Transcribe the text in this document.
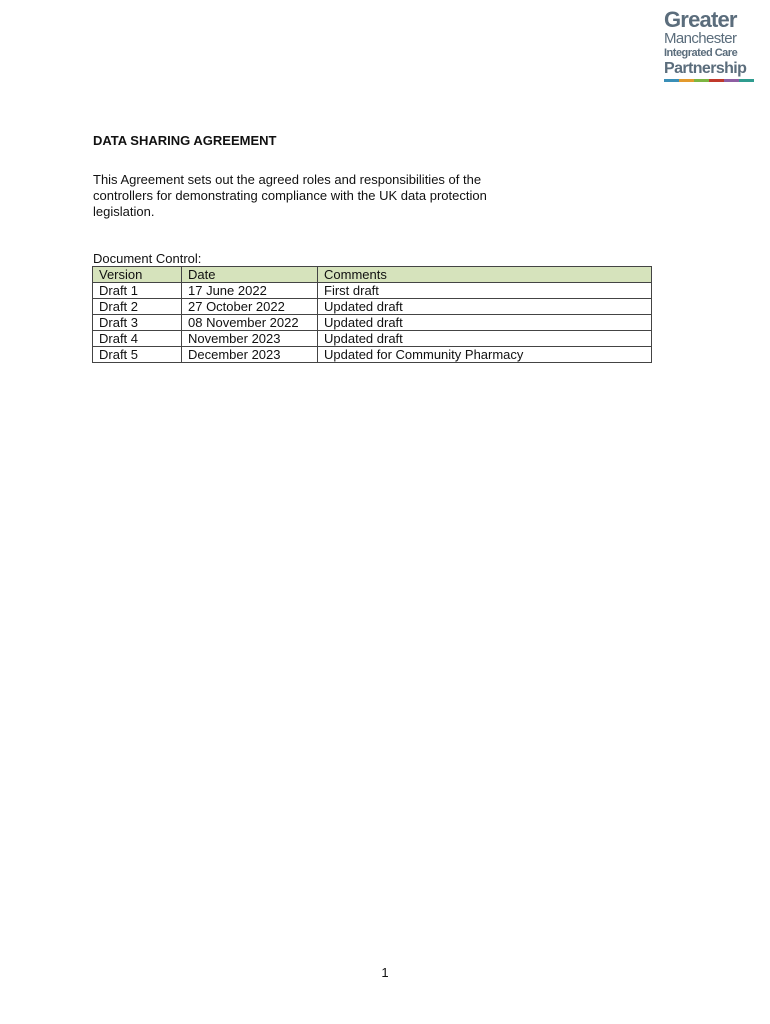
Greater
Manchester
Integrated Care
Partnership
DATA SHARING AGREEMENT

This Agreement sets out the agreed roles and responsibilities of the controllers for demonstrating compliance with the UK data protection legislation.

Document Control:

Version	Date	Comments
Draft 1	17 June 2022	First draft
Draft 2	27 October 2022	Updated draft
Draft 3	08 November 2022	Updated draft
Draft 4	November 2023	Updated draft
Draft 5	December 2023	Updated for Community Pharmacy

1
